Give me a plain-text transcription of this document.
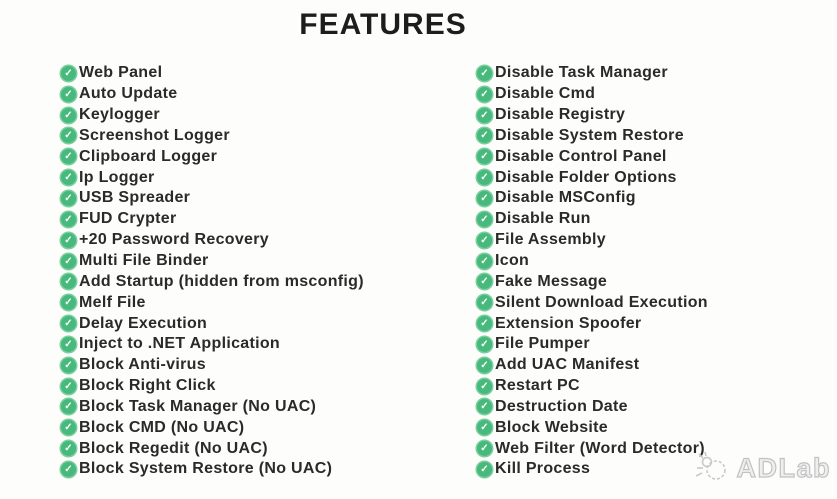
FEATURES
✓ Web Panel
✓ Auto Update
✓ Keylogger
✓ Screenshot Logger
✓ Clipboard Logger
✓ Ip Logger
✓ USB Spreader
✓ FUD Crypter
✓ +20 Password Recovery
✓ Multi File Binder
✓ Add Startup (hidden from msconfig)
✓ Melf File
✓ Delay Execution
✓ Inject to .NET Application
✓ Block Anti-virus
✓ Block Right Click
✓ Block Task Manager (No UAC)
✓ Block CMD (No UAC)
✓ Block Regedit (No UAC)
✓ Block System Restore (No UAC)
✓ Disable Task Manager
✓ Disable Cmd
✓ Disable Registry
✓ Disable System Restore
✓ Disable Control Panel
✓ Disable Folder Options
✓ Disable MSConfig
✓ Disable Run
✓ File Assembly
✓ Icon
✓ Fake Message
✓ Silent Download Execution
✓ Extension Spoofer
✓ File Pumper
✓ Add UAC Manifest
✓ Restart PC
✓ Destruction Date
✓ Block Website
✓ Web Filter (Word Detector)
✓ Kill Process	ADLab
